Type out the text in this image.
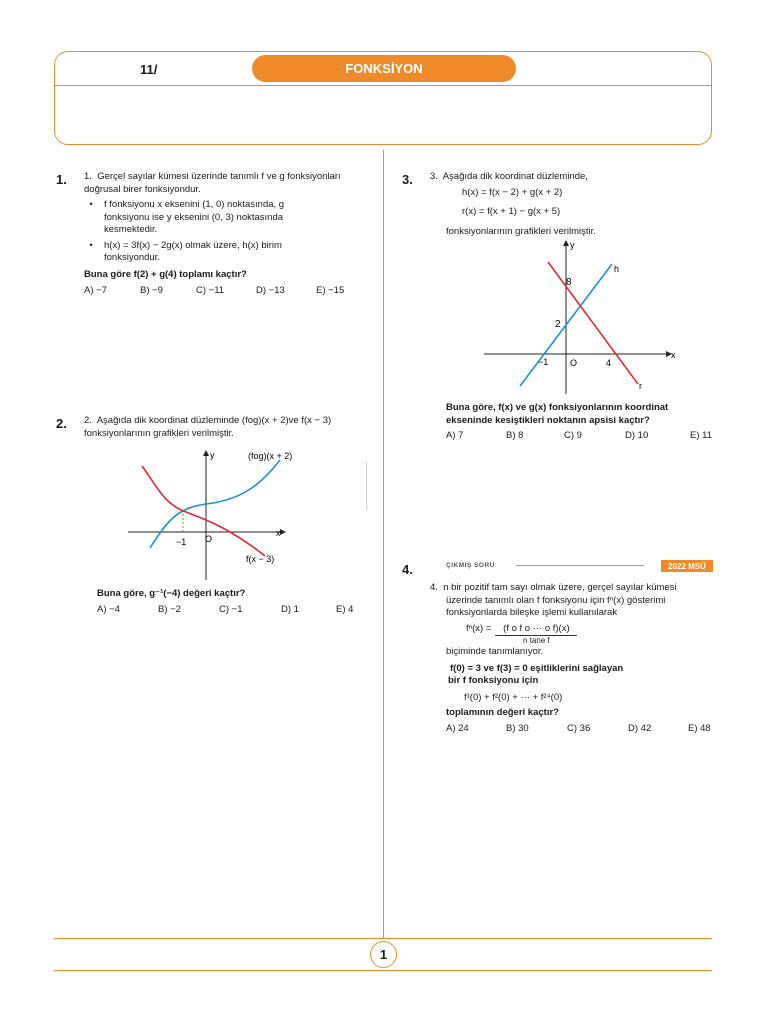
11/	FONKSİYON
1. 1. Gerçel sayılar kümesi üzerinde tanımlı f ve g fonksiyonları
doğrusal birer fonksiyondur.
•	f fonksiyonu x eksenini (1, 0) noktasında, g fonksiyonu ise y eksenini (0, 3) noktasında kesmektedir.
•	h(x) = 3f(x) − 2g(x) olmak üzere, h(x) birim fonksiyondur.
Buna göre f(2) + g(4) toplamı kaçtır?
A) −7	B) −9	C) −11	D) −13	E) −15
2. 2. Aşağıda dik koordinat düzleminde (fog)(x + 2)ve f(x − 3)
fonksiyonlarının grafikleri verilmiştir.
y
x
O
−1
(fog)(x + 2)
f(x − 3)
Buna göre, g⁻¹(−4) değeri kaçtır?
A) −4	B) −2	C) −1	D) 1	E) 4
3. 3. Aşağıda dik koordinat düzleminde,
h(x) = f(x − 2) + g(x + 2)
r(x) = f(x + 1) − g(x + 5)
fonksiyonlarının grafikleri verilmiştir.
y
x
O
8
2
−1	4
h
r
Buna göre, f(x) ve g(x) fonksiyonlarının koordinat
ekseninde kesiştikleri noktanın apsisi kaçtır?
A) 7	B) 8	C) 9	D) 10	E) 11
4.	ÇIKMIŞ SORU	2022 MSÜ
4. n bir pozitif tam sayı olmak üzere, gerçel sayılar kümesi
üzerinde tanımlı olan f fonksiyonu için fⁿ(x) gösterimi
fonksiyonlarda bileşke işlemi kullanılarak
fⁿ(x) = (f o f o ··· o f)(x)
n tane f
biçiminde tanımlanıyor.
f(0) = 3 ve f(3) = 0 eşitliklerini sağlayan
bir f fonksiyonu için
f¹(0) + f²(0) + ··· + f²⁴(0)
toplamının değeri kaçtır?
A) 24	B) 30	C) 36	D) 42	E) 48
1
